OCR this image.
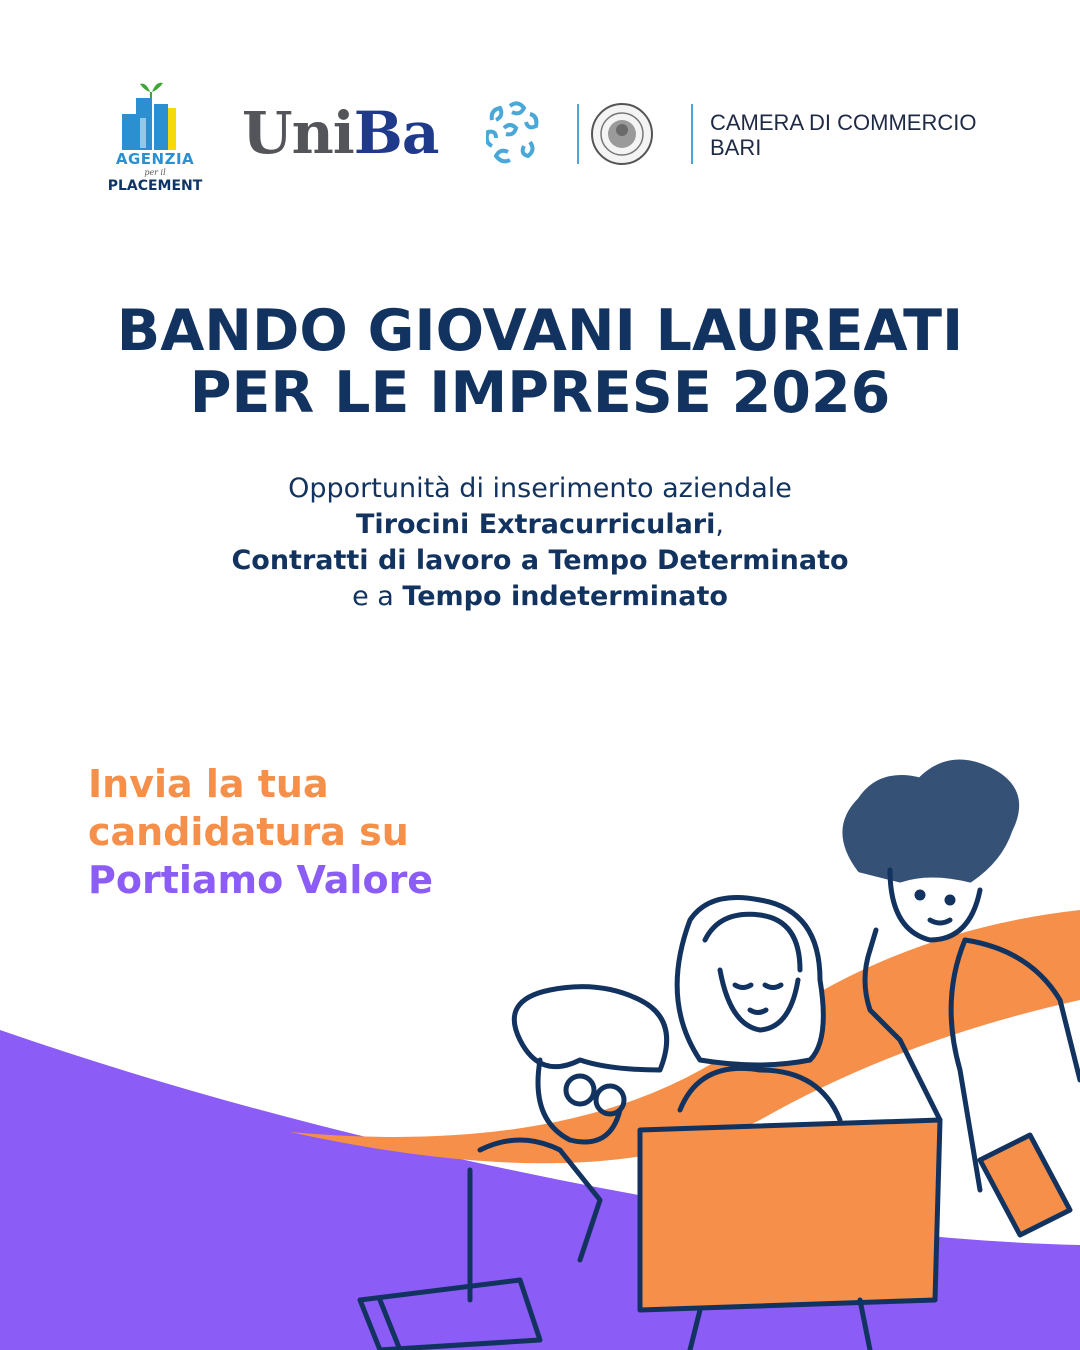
AGENZIA
per il
PLACEMENT
UniBa	CAMERA DI COMMERCIO
BARI
BANDO GIOVANI LAUREATI
PER LE IMPRESE 2026
Opportunità di inserimento aziendale
Tirocini Extracurriculari,
Contratti di lavoro a Tempo Determinato
e a Tempo indeterminato
Invia la tua
candidatura su
Portiamo Valore
